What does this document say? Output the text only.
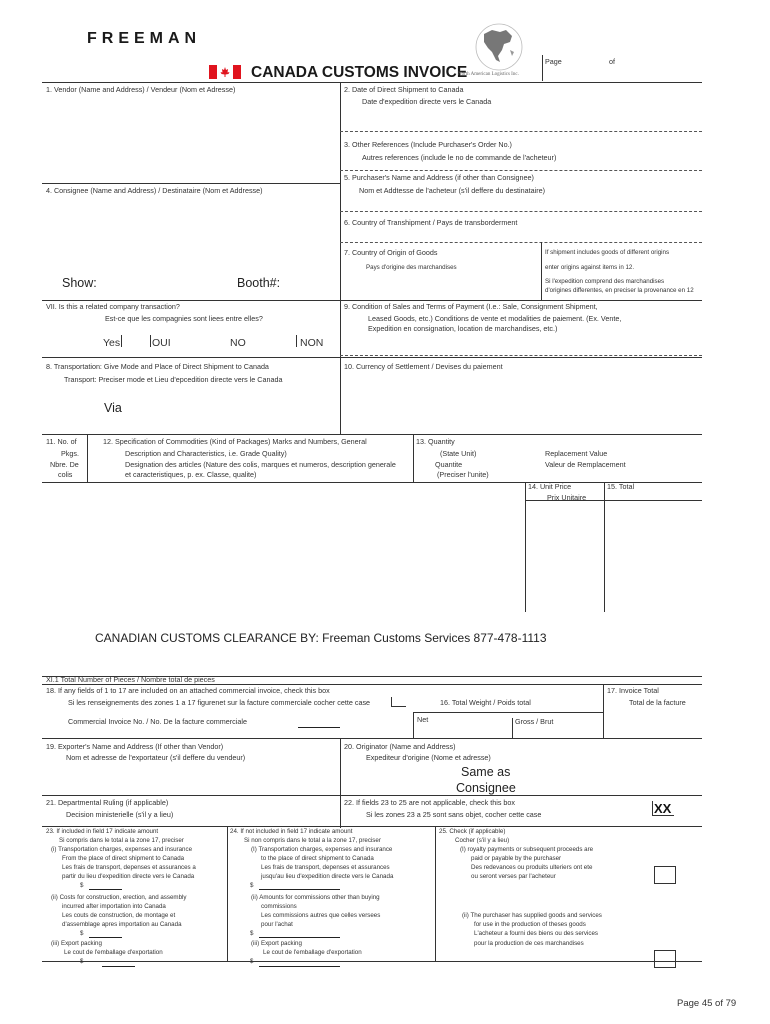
FREEMAN
CANADA CUSTOMS INVOICE
North American Logistics Inc.
Page	of
1. Vendor (Name and Address) / Vendeur (Nom et Adresse)	2. Date of Direct Shipment to Canada
Date d'expedition directe vers le Canada
3. Other References (Include Purchaser's Order No.)
Autres references (include le no de commande de l'acheteur)
4. Consignee (Name and Address) / Destinataire (Nom et Addresse)
5. Purchaser's Name and Address (if other than Consignee)
Nom et Addtesse de l'acheteur (s'il deffere du destinataire)
6. Country of Transhipment / Pays de transborderment
7. Country of Origin of Goods
Pays d'origine des marchandises
If shipment includes goods of different origins
enter origins against items in 12.
Si l'expedition comprend des marchandises
d'origines differentes, en preciser la provenance en 12
Show:	Booth#:
VII. Is this a related company transaction?
Est-ce que les compagnies sont liees entre elles?
Yes	OUI	NO	NON
9. Condition of Sales and Terms of Payment (I.e.: Sale, Consignment Shipment,
Leased Goods, etc.) Conditions de vente et modalities de paiement. (Ex. Vente,
Expedition en consignation, location de marchandises, etc.)
8. Transportation: Give Mode and Place of Direct Shipment to Canada
Transport: Preciser mode et Lieu d'epcedition directe vers le Canada
Via
10. Currency of Settlement / Devises du paiement
11. No. of
Pkgs.
Nbre. De
colis
12. Specification of Commodities (Kind of Packages) Marks and Numbers, General
Description and Characteristics, i.e. Grade Quality)
Designation des articles (Nature des colis, marques et numeros, description generale
et caracteristiques, p. ex. Classe, qualite)
13. Quantity
(State Unit)
Quantite
(Preciser l'unite)
Replacement Value
Valeur de Remplacement
14. Unit Price
Prix Unitaire
15. Total
CANADIAN CUSTOMS CLEARANCE BY: Freeman Customs Services 877-478-1113
XI.1 Total Number of Pieces / Nombre total de pieces
18. If any fields of 1 to 17 are included on an attached commercial invoice, check this box
Si les renseignements des zones 1 a 17 figurenet sur la facture commerciale cocher cette case
Commercial Invoice No. / No. De la facture commerciale
16. Total Weight / Poids total
Net	Gross / Brut
17. Invoice Total
Total de la facture
19. Exporter's Name and Address (If other than Vendor)
Nom et adresse de l'exportateur (s'il deffere du vendeur)
20. Originator (Name and Address)
Expediteur d'origine (Nome et adresse)
Same as
Consignee
21. Departmental Ruling (if applicable)
Decision ministerielle (s'il y a lieu)
22. If fields 23 to 25 are not applicable, check this box
Si les zones 23 a 25 sont sans objet, cocher cette case	XX
23. If included in field 17 indicate amount
Si compris dans le total a la zone 17, preciser
(i) Transportation charges, expenses and insurance
From the place of direct shipment to Canada
Les frais de transport, depenses et assurances a
partir du lieu d'expedition directe vers le Canada
$
(ii) Costs for construction, erection, and assembly
incurred after importation into Canada
Les couts de construction, de montage et
d'assemblage apres importation au Canada
$
(iii) Export packing
Le cout de l'emballage d'exportation
$
24. If not included in field 17 indicate amount
Si non compris dans le total a la zone 17, preciser
(I) Transportation charges, expenses and insurance
to the place of direct shipment to Canada
Les frais de transport, depenses et assurances
jusqu'au lieu d'expedition directe vers le Canada
$
(ii) Amounts for commissions other than buying
commissions
Les commissions autres que celles versees
pour l'achat
$
(iii) Export packing
Le cout de l'emballage d'exportation
$
25. Check (if applicable)
Cocher (s'il y a lieu)
(I) royalty payments or subsequent proceeds are
paid or payable by the purchaser
Des redevances ou produits ulteriers ont ete
ou seront verses par l'acheteur
(ii) The purchaser has supplied goods and services
for use in the production of theses goods
L'acheteur a fourni des biens ou des services
pour la production de ces marchandises
Page 45 of 79
